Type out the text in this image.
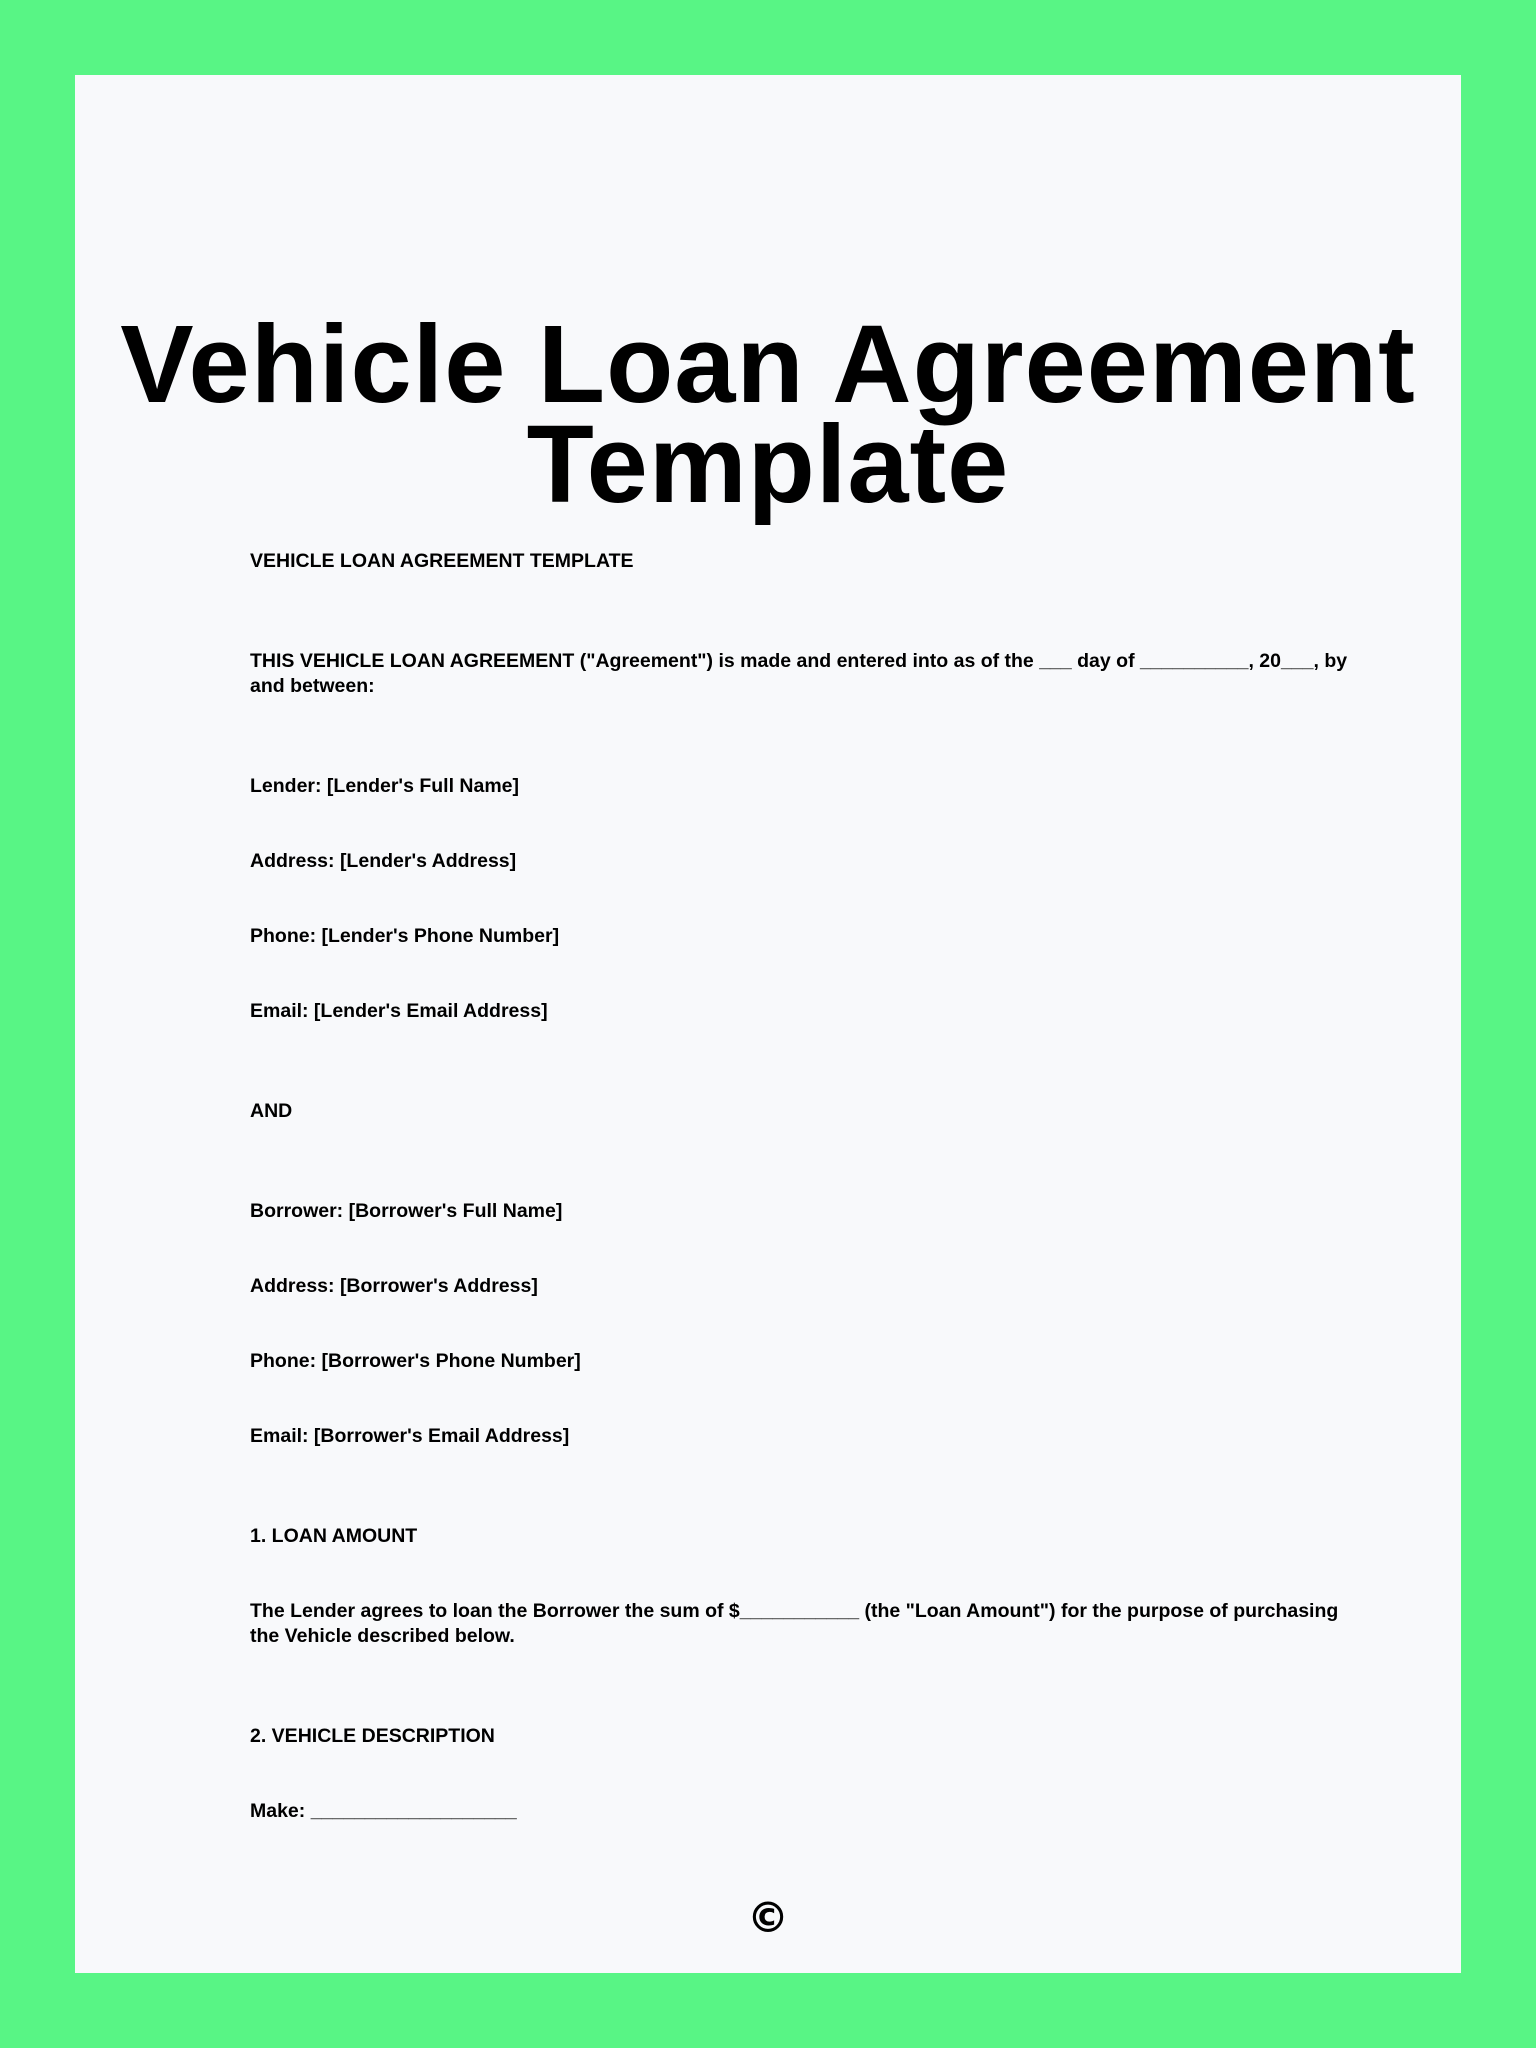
Vehicle Loan Agreement
Template

VEHICLE LOAN AGREEMENT TEMPLATE

THIS VEHICLE LOAN AGREEMENT ("Agreement") is made and entered into as of the ___ day of __________, 20___, by and between:

Lender: [Lender's Full Name]

Address: [Lender's Address]

Phone: [Lender's Phone Number]

Email: [Lender's Email Address]

AND

Borrower: [Borrower's Full Name]

Address: [Borrower's Address]

Phone: [Borrower's Phone Number]

Email: [Borrower's Email Address]

1. LOAN AMOUNT

The Lender agrees to loan the Borrower the sum of $___________ (the "Loan Amount") for the purpose of purchasing the Vehicle described below.

2. VEHICLE DESCRIPTION

Make: ___________________

©
